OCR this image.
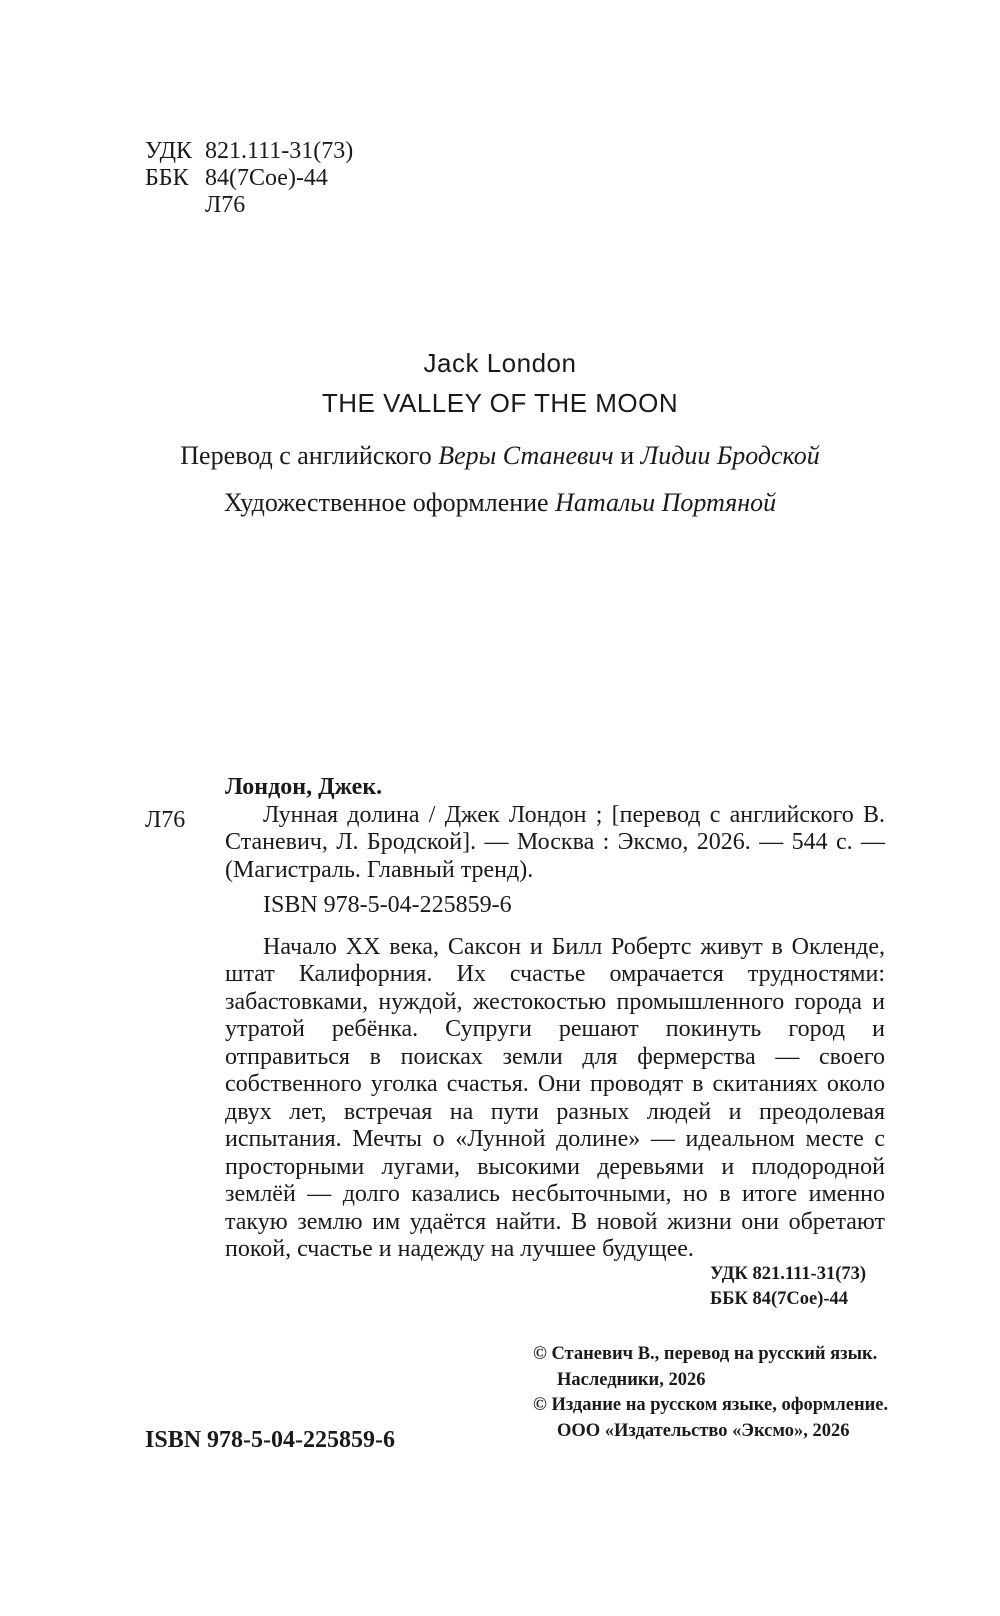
УДК 821.111-31(73)
ББК 84(7Сое)-44
Л76
Jack London
THE VALLEY OF THE MOON
Перевод с английского Веры Станевич и Лидии Бродской
Художественное оформление Натальи Портяной
Л76
Лондон, Джек.
Лунная долина / Джек Лондон ; [перевод с английского В. Станевич, Л. Бродской]. — Москва : Эксмо, 2026. — 544 с. — (Магистраль. Главный тренд).
ISBN 978-5-04-225859-6
Начало XX века, Саксон и Билл Робертс живут в Окленде, штат Калифорния. Их счастье омрачается трудностями: забастовками, нуждой, жестокостью промышленного города и утратой ребёнка. Супруги решают покинуть город и отправиться в поисках земли для фермерства — своего собственного уголка счастья. Они проводят в скитаниях около двух лет, встречая на пути разных людей и преодолевая испытания. Мечты о «Лунной долине» — идеальном месте с просторными лугами, высокими деревьями и плодородной землёй — долго казались несбыточными, но в итоге именно такую землю им удаётся найти. В новой жизни они обретают покой, счастье и надежду на лучшее будущее.
УДК 821.111-31(73)
ББК 84(7Сое)-44
ISBN 978-5-04-225859-6
© Станевич В., перевод на русский язык.
Наследники, 2026
© Издание на русском языке, оформление.
ООО «Издательство «Эксмо», 2026
